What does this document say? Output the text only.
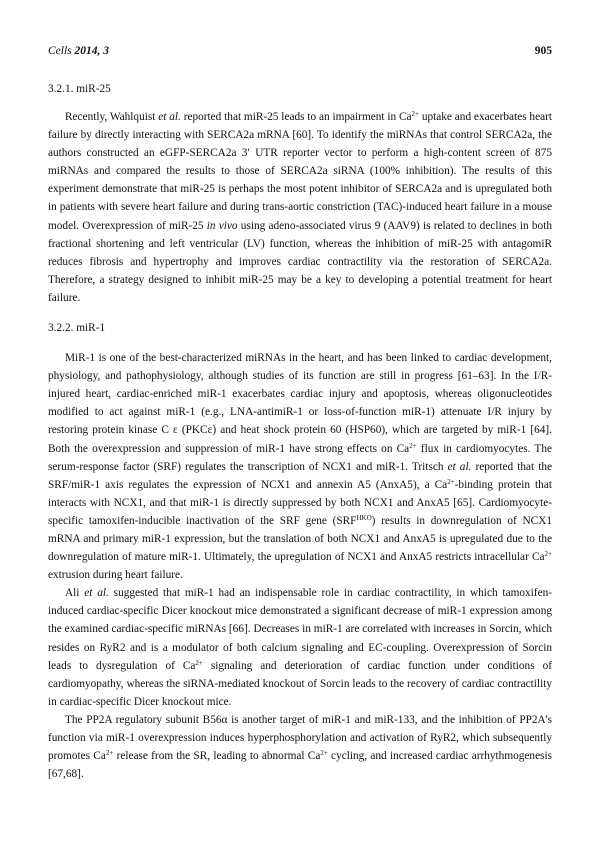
Cells 2014, 3	905
3.2.1. miR-25

Recently, Wahlquist et al. reported that miR-25 leads to an impairment in $Ca^{2+}$ uptake and exacerbates heart failure by directly interacting with SERCA2a mRNA [60]. To identify the miRNAs that control SERCA2a, the authors constructed an eGFP-SERCA2a 3′ UTR reporter vector to perform a high-content screen of 875 miRNAs and compared the results to those of SERCA2a siRNA (100% inhibition). The results of this experiment demonstrate that miR-25 is perhaps the most potent inhibitor of SERCA2a and is upregulated both in patients with severe heart failure and during trans-aortic constriction (TAC)-induced heart failure in a mouse model. Overexpression of miR-25 in vivo using adeno-associated virus 9 (AAV9) is related to declines in both fractional shortening and left ventricular (LV) function, whereas the inhibition of miR-25 with antagomiR reduces fibrosis and hypertrophy and improves cardiac contractility via the restoration of SERCA2a. Therefore, a strategy designed to inhibit miR-25 may be a key to developing a potential treatment for heart failure.

3.2.2. miR-1

MiR-1 is one of the best-characterized miRNAs in the heart, and has been linked to cardiac development, physiology, and pathophysiology, although studies of its function are still in progress [61–63]. In the I/R-injured heart, cardiac-enriched miR-1 exacerbates cardiac injury and apoptosis, whereas oligonucleotides modified to act against miR-1 (e.g., LNA-antimiR-1 or loss-of-function miR-1) attenuate I/R injury by restoring protein kinase C ε (PKCε) and heat shock protein 60 (HSP60), which are targeted by miR-1 [64]. Both the overexpression and suppression of miR-1 have strong effects on $Ca^{2+}$ flux in cardiomyocytes. The serum-response factor (SRF) regulates the transcription of NCX1 and miR-1. Tritsch et al. reported that the SRF/miR-1 axis regulates the expression of NCX1 and annexin A5 (AnxA5), a $Ca^{2+}$-binding protein that interacts with NCX1, and that miR-1 is directly suppressed by both NCX1 and AnxA5 [65]. Cardiomyocyte-specific tamoxifen-inducible inactivation of the SRF gene $(SRF^{HKO})$ results in downregulation of NCX1 mRNA and primary miR-1 expression, but the translation of both NCX1 and AnxA5 is upregulated due to the downregulation of mature miR-1. Ultimately, the upregulation of NCX1 and AnxA5 restricts intracellular $Ca^{2+}$ extrusion during heart failure.

Ali et al. suggested that miR-1 had an indispensable role in cardiac contractility, in which tamoxifen-induced cardiac-specific Dicer knockout mice demonstrated a significant decrease of miR-1 expression among the examined cardiac-specific miRNAs [66]. Decreases in miR-1 are correlated with increases in Sorcin, which resides on RyR2 and is a modulator of both calcium signaling and EC-coupling. Overexpression of Sorcin leads to dysregulation of $Ca^{2+}$ signaling and deterioration of cardiac function under conditions of cardiomyopathy, whereas the siRNA-mediated knockout of Sorcin leads to the recovery of cardiac contractility in cardiac-specific Dicer knockout mice.

The PP2A regulatory subunit B56α is another target of miR-1 and miR-133, and the inhibition of PP2A’s function via miR-1 overexpression induces hyperphosphorylation and activation of RyR2, which subsequently promotes $Ca^{2+}$ release from the SR, leading to abnormal $Ca^{2+}$ cycling, and increased cardiac arrhythmogenesis [67,68].
